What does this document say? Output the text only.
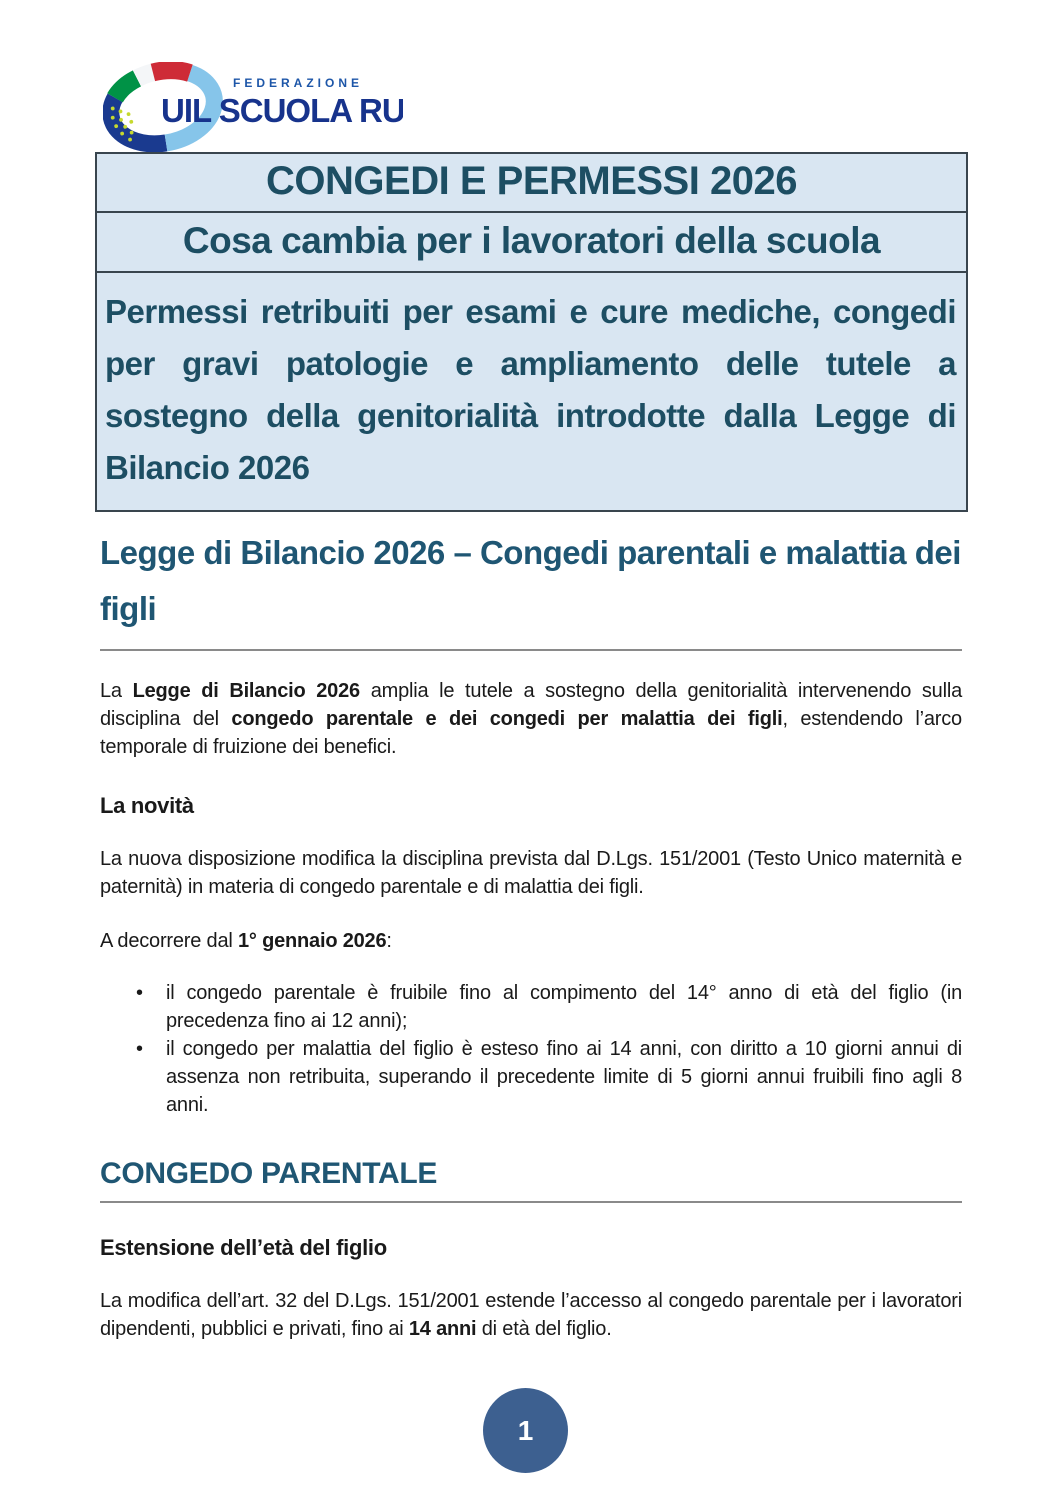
FEDERAZIONE
UIL SCUOLA RUA
CONGEDI E PERMESSI 2026
Cosa cambia per i lavoratori della scuola
Permessi retribuiti per esami e cure mediche, congedi per gravi patologie e ampliamento delle tutele a sostegno della genitorialità introdotte dalla Legge di Bilancio 2026
Legge di Bilancio 2026 – Congedi parentali e malattia dei figli
La Legge di Bilancio 2026 amplia le tutele a sostegno della genitorialità intervenendo sulla disciplina del congedo parentale e dei congedi per malattia dei figli, estendendo l’arco temporale di fruizione dei benefici.
La novità
La nuova disposizione modifica la disciplina prevista dal D.Lgs. 151/2001 (Testo Unico maternità e paternità) in materia di congedo parentale e di malattia dei figli.
A decorrere dal 1° gennaio 2026:
•	il congedo parentale è fruibile fino al compimento del 14° anno di età del figlio (in precedenza fino ai 12 anni);
•	il congedo per malattia del figlio è esteso fino ai 14 anni, con diritto a 10 giorni annui di assenza non retribuita, superando il precedente limite di 5 giorni annui fruibili fino agli 8 anni.
CONGEDO PARENTALE
Estensione dell’età del figlio
La modifica dell’art. 32 del D.Lgs. 151/2001 estende l’accesso al congedo parentale per i lavoratori dipendenti, pubblici e privati, fino ai 14 anni di età del figlio.
1
